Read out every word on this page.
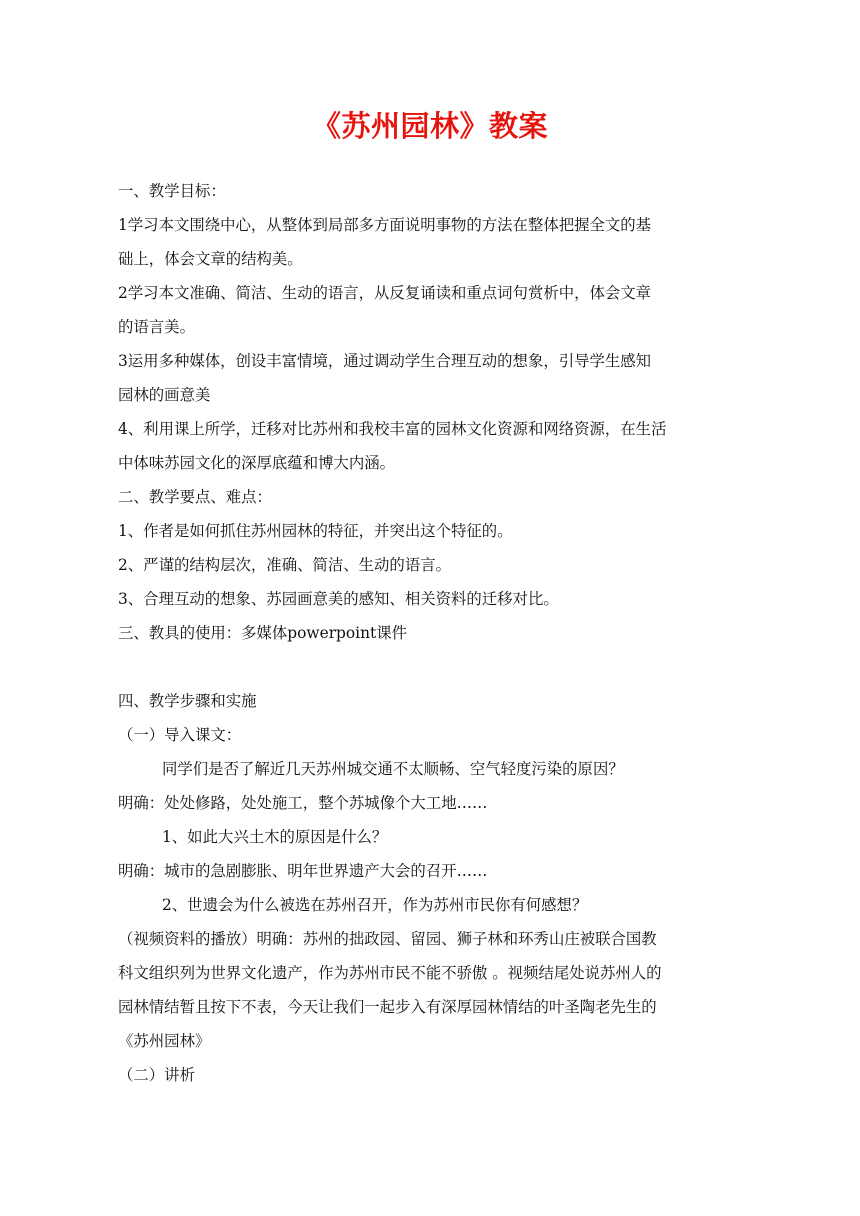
《苏州园林》教案
一、教学目标：
1学习本文围绕中心，从整体到局部多方面说明事物的方法在整体把握全文的基
础上，体会文章的结构美。
2学习本文准确、简洁、生动的语言，从反复诵读和重点词句赏析中，体会文章
的语言美。
3运用多种媒体，创设丰富情境，通过调动学生合理互动的想象，引导学生感知
园林的画意美
4、利用课上所学，迁移对比苏州和我校丰富的园林文化资源和网络资源，在生活
中体味苏园文化的深厚底蕴和博大内涵。
二、教学要点、难点：
1、作者是如何抓住苏州园林的特征，并突出这个特征的。
2、严谨的结构层次，准确、简洁、生动的语言。
3、合理互动的想象、苏园画意美的感知、相关资料的迁移对比。
三、教具的使用：多媒体powerpoint课件
四、教学步骤和实施
（一）导入课文：
同学们是否了解近几天苏州城交通不太顺畅、空气轻度污染的原因？
明确：处处修路，处处施工，整个苏城像个大工地……
1、如此大兴土木的原因是什么？
明确：城市的急剧膨胀、明年世界遗产大会的召开……
2、世遗会为什么被选在苏州召开，作为苏州市民你有何感想？
（视频资料的播放）明确：苏州的拙政园、留园、狮子林和环秀山庄被联合国教
科文组织列为世界文化遗产，作为苏州市民不能不骄傲 。视频结尾处说苏州人的
园林情结暂且按下不表，今天让我们一起步入有深厚园林情结的叶圣陶老先生的
《苏州园林》
（二）讲析
